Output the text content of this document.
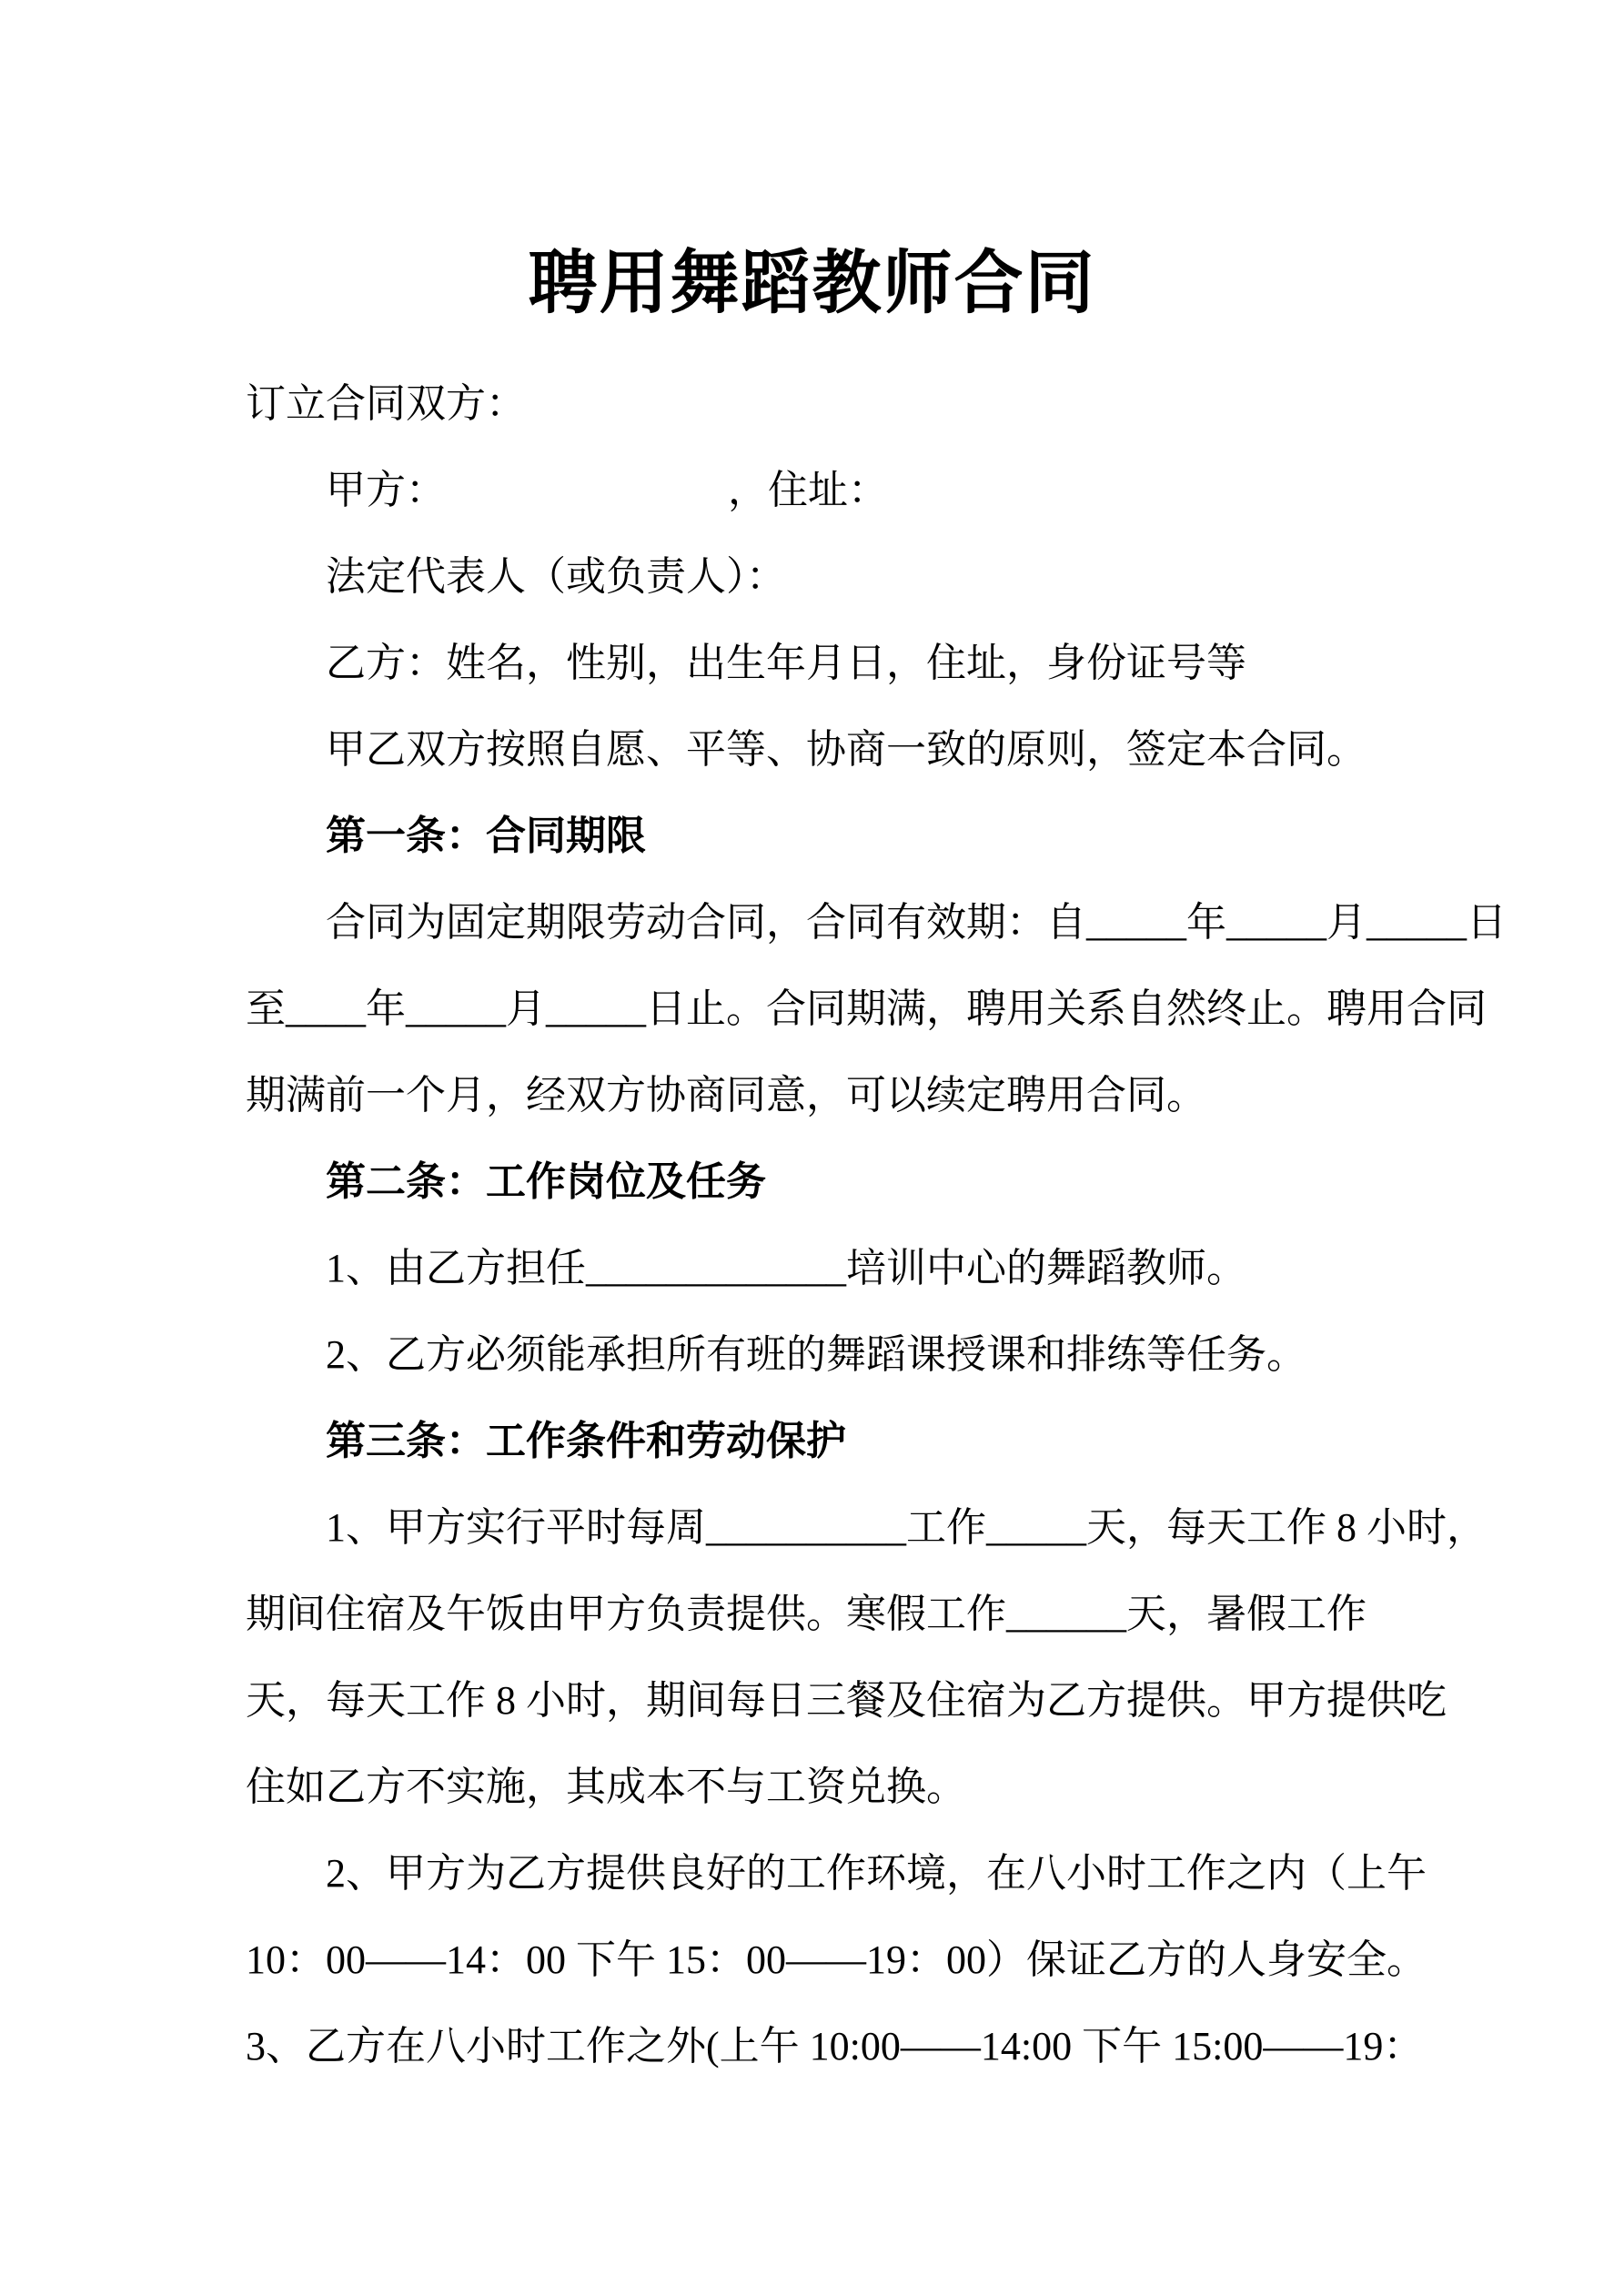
聘用舞蹈教师合同
订立合同双方：
甲方：	，住址：
法定代表人（或负责人）：
乙方：姓名，性别，出生年月日，住址，身份证号等
甲乙双方按照自愿、平等、协商一致的原则，签定本合同。
第一条：合同期限
合同为固定期限劳动合同，合同有效期：自_____年_____月_____日
至____年_____月_____日止。合同期满，聘用关系自然终止。聘用合同
期满前一个月，经双方协商同意，可以续定聘用合同。
第二条：工作岗位及任务
1、由乙方担任_____________培训中心的舞蹈教师。
2、乙方必须能承担所有班的舞蹈课授课和排练等任务。
第三条：工作条件和劳动保护
1、甲方实行平时每周__________工作_____天，每天工作 8 小时，
期间住宿及午饭由甲方负责提供。寒假工作______天，暑假工作
天，每天工作 8 小时，期间每日三餐及住宿为乙方提供。甲方提供吃
住如乙方不实施，其成本不与工资兑换。
2、甲方为乙方提供良好的工作环境，在八小时工作之内（上午
10：00——14：00 下午 15：00——19：00）保证乙方的人身安全。
3、乙方在八小时工作之外(上午 10:00——14:00 下午 15:00——19：
